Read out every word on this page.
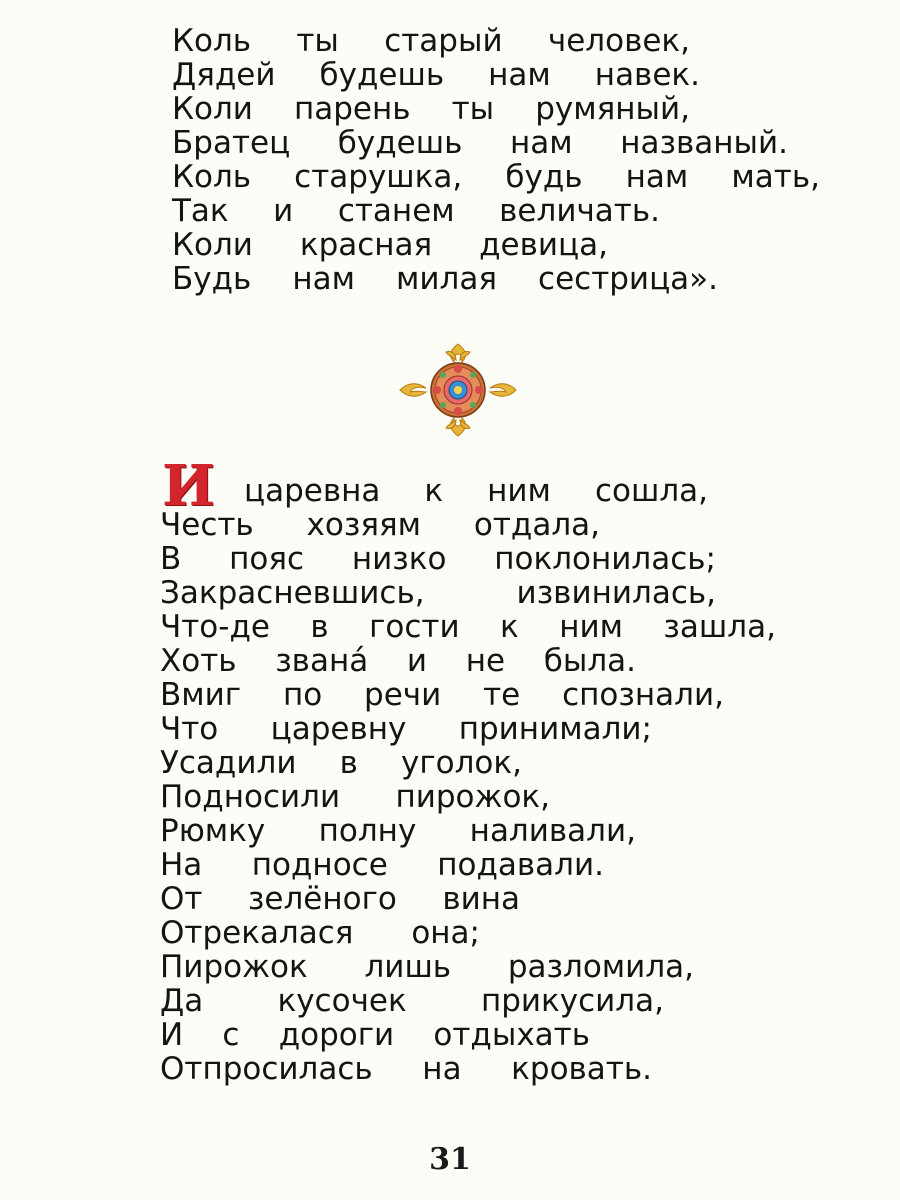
Коль ты старый человек,
Дядей будешь нам навек.
Коли парень ты румяный,
Братец будешь нам названый.
Коль старушка, будь нам мать,
Так и станем величать.
Коли красная девица,
Будь нам милая сестрица».
И царевна к ним сошла,
Честь хозяям отдала,
В пояс низко поклонилась;
Закрасневшись,	извинилась,
Что-де в гости к ним зашла,
Хоть звана́ и не была.
Вмиг по речи те спознали,
Что царевну принимали;
Усадили в уголок,
Подносили пирожок,
Рюмку полну наливали,
На подносе подавали.
От зелёного вина
Отрекалася она;
Пирожок лишь разломила,
Да кусочек прикусила,
И с дороги отдыхать
Отпросилась на кровать.
31
